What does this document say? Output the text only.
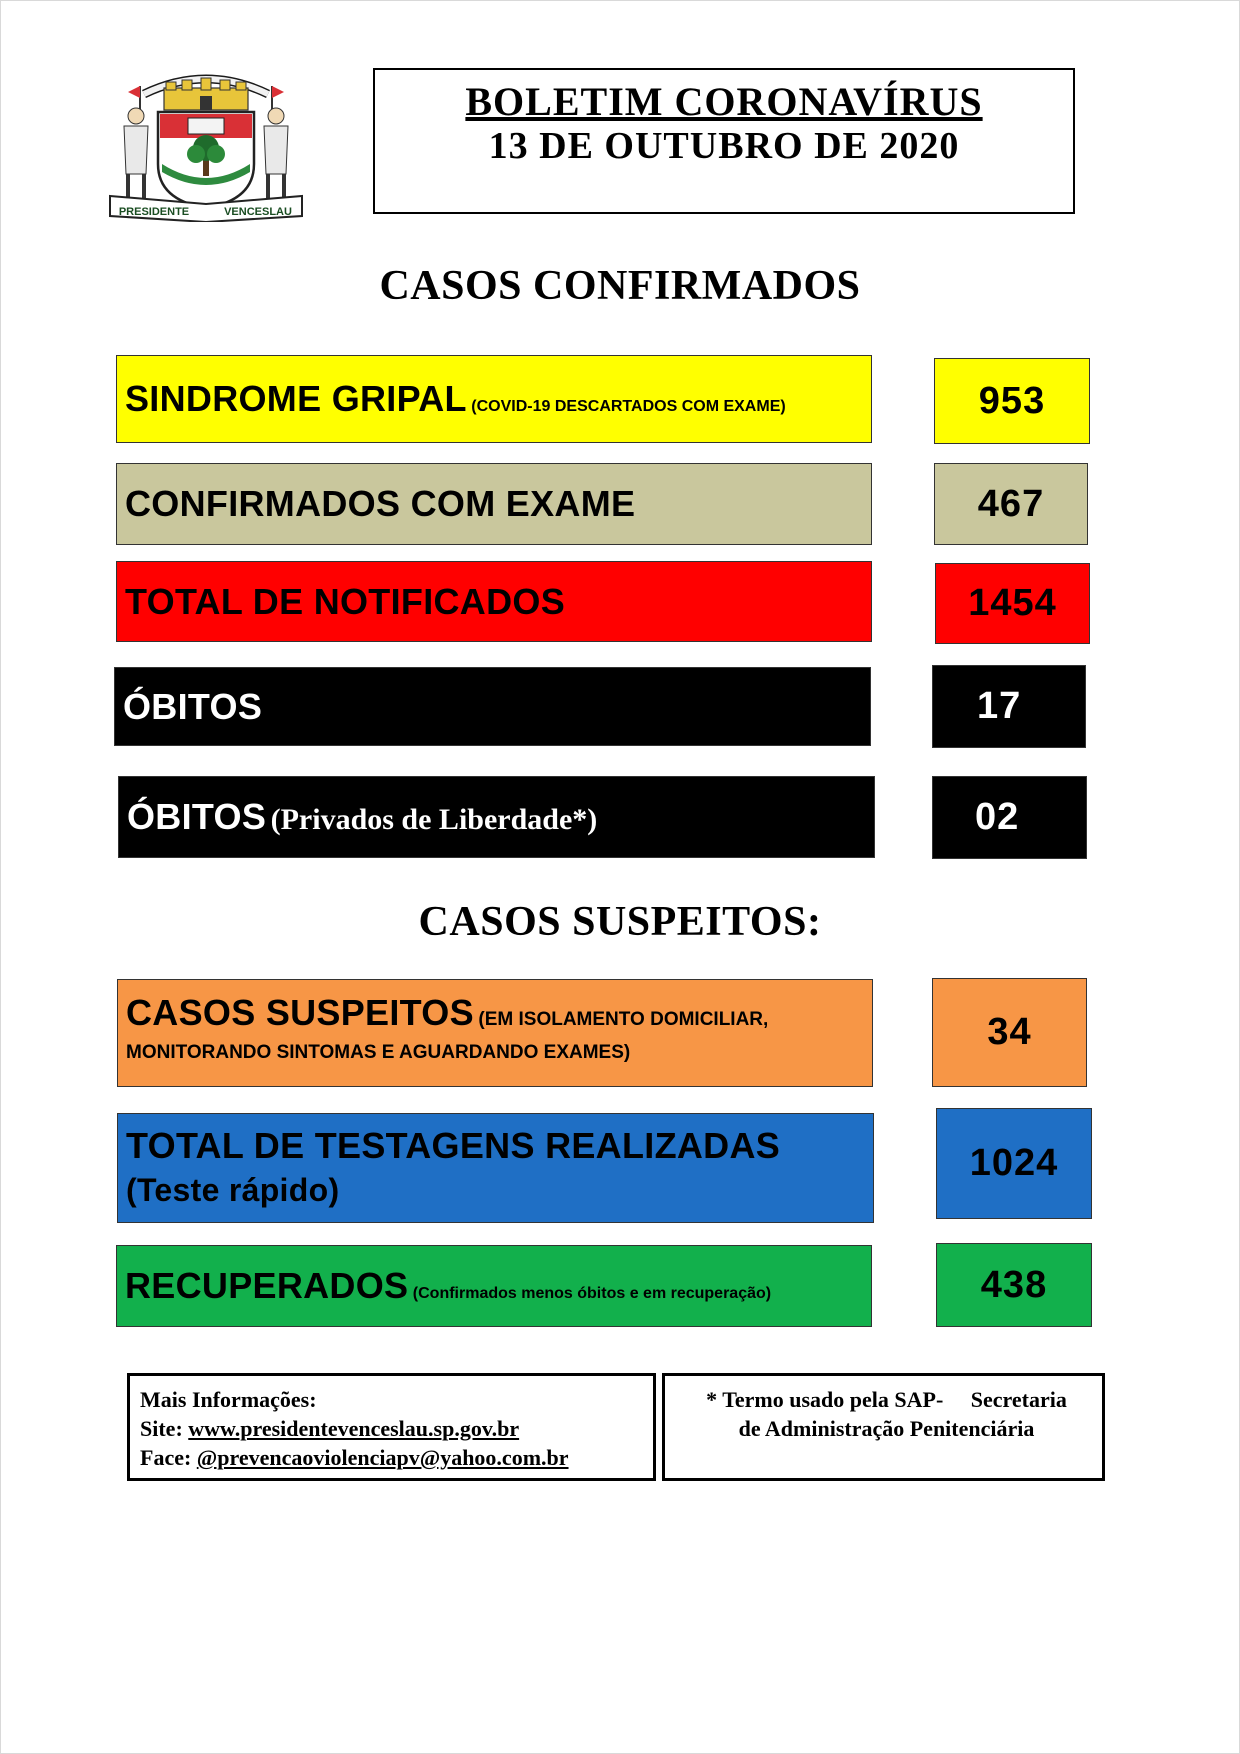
PRESIDENTE	VENCESLAU
BOLETIM CORONAVÍRUS
13 DE OUTUBRO DE 2020
CASOS CONFIRMADOS
SINDROME GRIPAL (COVID-19 DESCARTADOS COM EXAME)	953
CONFIRMADOS COM EXAME	467
TOTAL DE NOTIFICADOS	1454
ÓBITOS	17
ÓBITOS (Privados de Liberdade*)	02
CASOS SUSPEITOS:
CASOS SUSPEITOS (EM ISOLAMENTO DOMICILIAR,
MONITORANDO SINTOMAS E AGUARDANDO EXAMES)	34
TOTAL DE TESTAGENS REALIZADAS
(Teste rápido)
1024
RECUPERADOS (Confirmados menos óbitos e em recuperação)	438
Mais Informações:
Site: www.presidentevenceslau.sp.gov.br
Face: @prevencaoviolenciapv@yahoo.com.br
* Termo usado pela SAP-     Secretaria
de Administração Penitenciária
